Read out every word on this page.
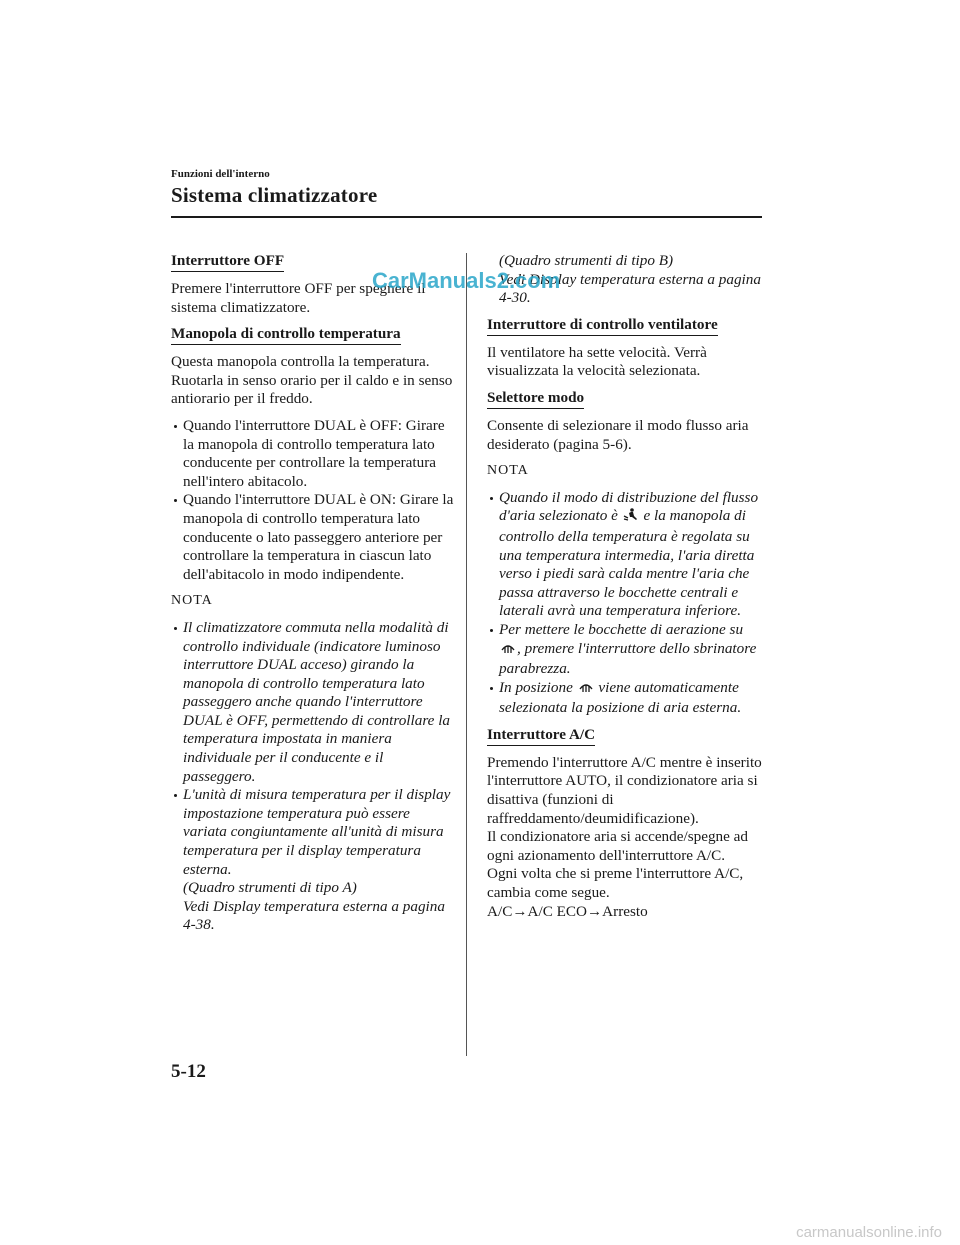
Funzioni dell'interno
Sistema climatizzatore
Interruttore OFF

Premere l'interruttore OFF per spegnere il sistema climatizzatore.

Manopola di controllo temperatura

Questa manopola controlla la temperatura. Ruotarla in senso orario per il caldo e in senso antiorario per il freddo.

Quando l'interruttore DUAL è OFF: Girare la manopola di controllo temperatura lato conducente per controllare la temperatura nell'intero abitacolo.
Quando l'interruttore DUAL è ON: Girare la manopola di controllo temperatura lato conducente o lato passeggero anteriore per controllare la temperatura in ciascun lato dell'abitacolo in modo indipendente.
NOTA
Il climatizzatore commuta nella modalità di controllo individuale (indicatore luminoso interruttore DUAL acceso) girando la manopola di controllo temperatura lato passeggero anche quando l'interruttore DUAL è OFF, permettendo di controllare la temperatura impostata in maniera individuale per il conducente e il passeggero.
L'unità di misura temperatura per il display impostazione temperatura può essere variata congiuntamente all'unità di misura temperatura per il display temperatura esterna.
(Quadro strumenti di tipo A)
Vedi Display temperatura esterna a pagina 4-38.
(Quadro strumenti di tipo B)
Vedi Display temperatura esterna a pagina 4-30.
Interruttore di controllo ventilatore

Il ventilatore ha sette velocità. Verrà visualizzata la velocità selezionata.

Selettore modo

Consente di selezionare il modo flusso aria desiderato (pagina 5-6).

NOTA
Quando il modo di distribuzione del flusso d'aria selezionato è e la manopola di controllo della temperatura è regolata su una temperatura intermedia, l'aria diretta verso i piedi sarà calda mentre l'aria che passa attraverso le bocchette centrali e laterali avrà una temperatura inferiore.
Per mettere le bocchette di aerazione su
, premere l'interruttore dello sbrinatore parabrezza.
In posizione viene automaticamente selezionata la posizione di aria esterna.
Interruttore A/C

Premendo l'interruttore A/C mentre è inserito l'interruttore AUTO, il condizionatore aria si disattiva (funzioni di raffreddamento/deumidificazione).
Il condizionatore aria si accende/spegne ad ogni azionamento dell'interruttore A/C.
Ogni volta che si preme l'interruttore A/C, cambia come segue.
A/C→A/C ECO→Arresto

CarManuals2.com
5-12
carmanualsonline.info
